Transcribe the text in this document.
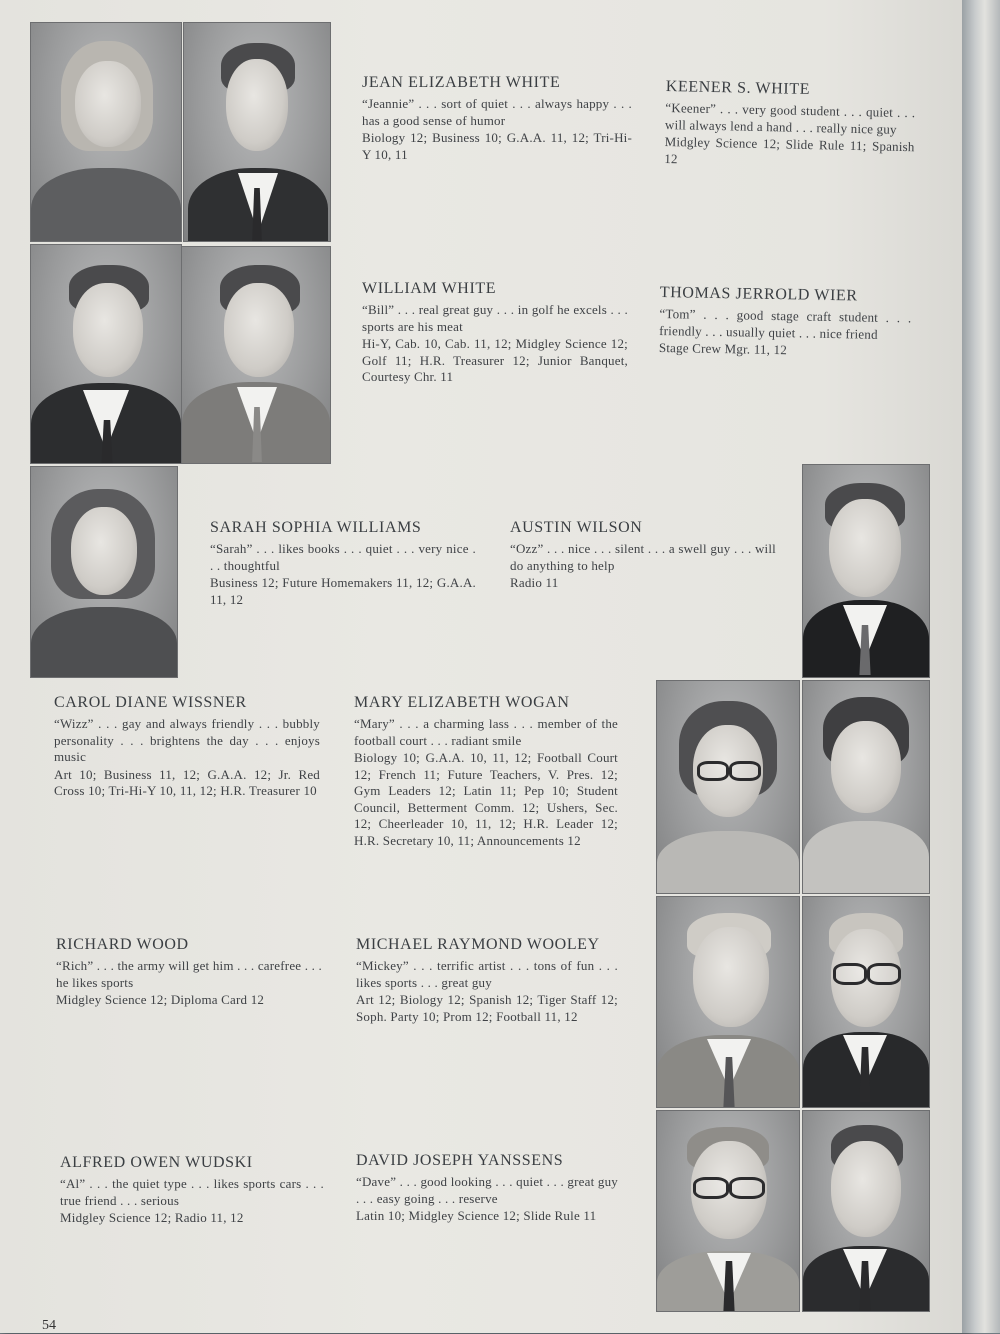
JEAN ELIZABETH WHITE
“Jeannie” . . . sort of quiet . . . always happy . . . has a good sense of humor
Biology 12; Business 10; G.A.A. 11, 12; Tri-Hi-Y 10, 11
KEENER S. WHITE
“Keener” . . . very good student . . . quiet . . . will always lend a hand . . . really nice guy
Midgley Science 12; Slide Rule 11; Spanish 12
WILLIAM WHITE
“Bill” . . . real great guy . . . in golf he excels . . . sports are his meat
Hi-Y, Cab. 10, Cab. 11, 12; Midgley Science 12; Golf 11; H.R. Treasurer 12; Junior Banquet, Courtesy Chr. 11
THOMAS JERROLD WIER
“Tom” . . . good stage craft student . . . friendly . . . usually quiet . . . nice friend
Stage Crew Mgr. 11, 12
SARAH SOPHIA WILLIAMS
“Sarah” . . . likes books . . . quiet . . . very nice . . . thoughtful
Business 12; Future Homemakers 11, 12; G.A.A. 11, 12
AUSTIN WILSON
“Ozz” . . . nice . . . silent . . . a swell guy . . . will do anything to help
Radio 11
CAROL DIANE WISSNER
“Wizz” . . . gay and always friendly . . . bubbly personality . . . brightens the day . . . enjoys music
Art 10; Business 11, 12; G.A.A. 12; Jr. Red Cross 10; Tri-Hi-Y 10, 11, 12; H.R. Treasurer 10
MARY ELIZABETH WOGAN
“Mary” . . . a charming lass . . . member of the football court . . . radiant smile
Biology 10; G.A.A. 10, 11, 12; Football Court 12; French 11; Future Teachers, V. Pres. 12; Gym Leaders 12; Latin 11; Pep 10; Student Council, Betterment Comm. 12; Ushers, Sec. 12; Cheerleader 10, 11, 12; H.R. Leader 12; H.R. Secretary 10, 11; Announcements 12
RICHARD WOOD
“Rich” . . . the army will get him . . . carefree . . . he likes sports
Midgley Science 12; Diploma Card 12
MICHAEL RAYMOND WOOLEY
“Mickey” . . . terrific artist . . . tons of fun . . . likes sports . . . great guy
Art 12; Biology 12; Spanish 12; Tiger Staff 12; Soph. Party 10; Prom 12; Football 11, 12
ALFRED OWEN WUDSKI
“Al” . . . the quiet type . . . likes sports cars . . . true friend . . . serious
Midgley Science 12; Radio 11, 12
DAVID JOSEPH YANSSENS
“Dave” . . . good looking . . . quiet . . . great guy . . . easy going . . . reserve
Latin 10; Midgley Science 12; Slide Rule 11
54
